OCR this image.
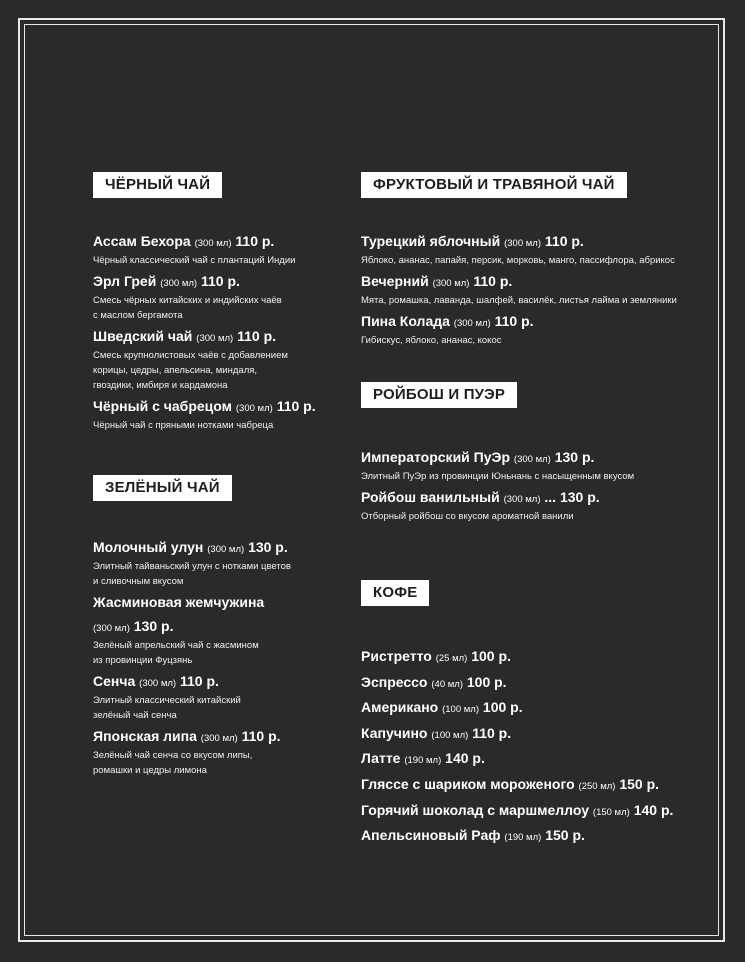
ЧЁРНЫЙ ЧАЙ
Ассам Бехора (300 мл) 110 р.
Чёрный классический чай с плантаций Индии
Эрл Грей (300 мл) 110 р.
Смесь чёрных китайских и индийских чаёв
с маслом бергамота
Шведский чай (300 мл) 110 р.
Смесь крупнолистовых чаёв с добавлением
корицы, цедры, апельсина, миндаля,
гвоздики, имбиря и кардамона
Чёрный с чабрецом (300 мл) 110 р.
Чёрный чай с пряными нотками чабреца
ЗЕЛЁНЫЙ ЧАЙ
Молочный улун (300 мл) 130 р.
Элитный тайваньский улун с нотками цветов
и сливочным вкусом
Жасминовая жемчужина
(300 мл) 130 р.
Зелёный апрельский чай с жасмином
из провинции Фуцзянь
Сенча (300 мл) 110 р.
Элитный классический китайский
зелёный чай сенча
Японская липа (300 мл) 110 р.
Зелёный чай сенча со вкусом липы,
ромашки и цедры лимона
ФРУКТОВЫЙ И ТРАВЯНОЙ ЧАЙ
Турецкий яблочный (300 мл) 110 р.
Яблоко, ананас, папайя, персик, морковь, манго, пассифлора, абрикос
Вечерний (300 мл) 110 р.
Мята, ромашка, лаванда, шалфей, василёк, листья лайма и земляники
Пина Колада (300 мл) 110 р.
Гибискус, яблоко, ананас, кокос
РОЙБОШ И ПУЭР
Императорский ПуЭр (300 мл) 130 р.
Элитный ПуЭр из провинции Юньнань с насыщенным вкусом
Ройбош ванильный (300 мл) ... 130 р.
Отборный ройбош со вкусом ароматной ванили
КОФЕ
Ристретто (25 мл) 100 р.
Эспрессо (40 мл) 100 р.
Американо (100 мл) 100 р.
Капучино (100 мл) 110 р.
Латте (190 мл) 140 р.
Гляссе с шариком мороженого (250 мл) 150 р.
Горячий шоколад с маршмеллоу (150 мл) 140 р.
Апельсиновый Раф (190 мл) 150 р.
